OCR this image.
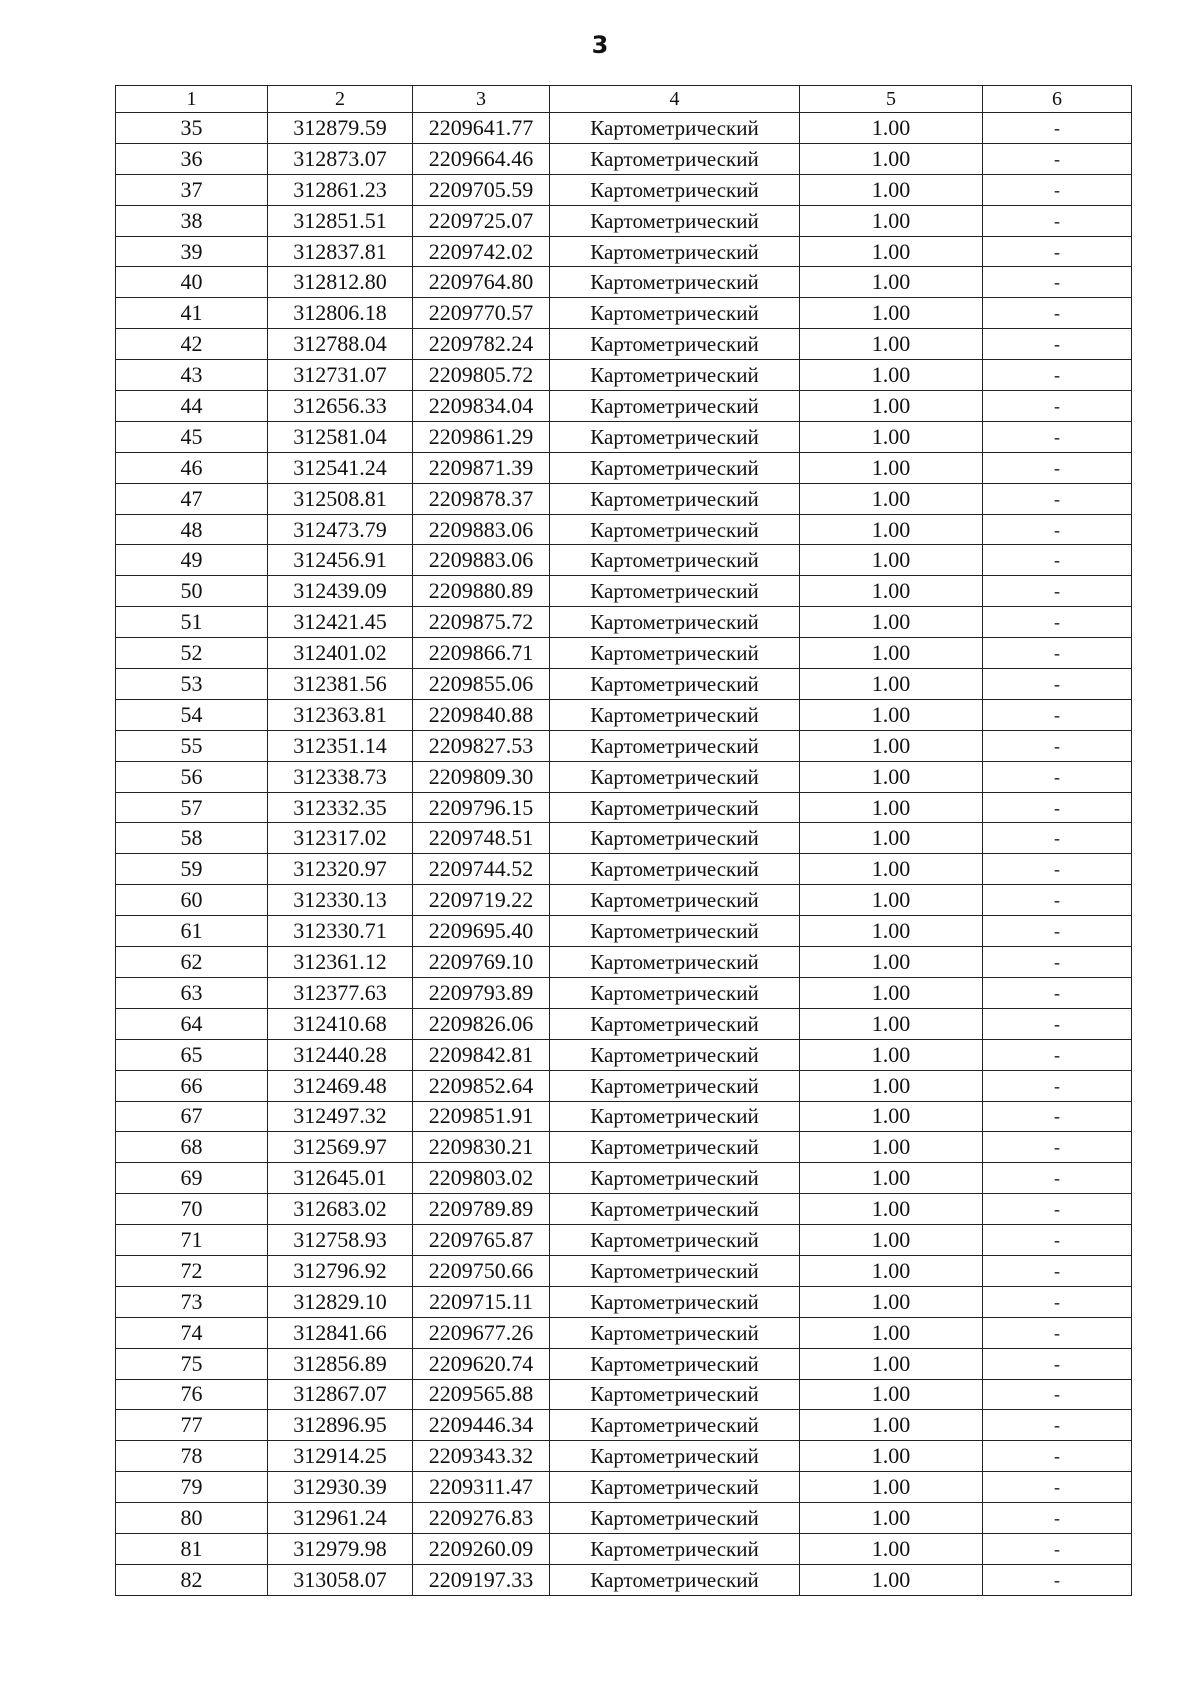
3
1	2	3	4	5	6
35	312879.59	2209641.77	Картометрический	1.00	-
36	312873.07	2209664.46	Картометрический	1.00	-
37	312861.23	2209705.59	Картометрический	1.00	-
38	312851.51	2209725.07	Картометрический	1.00	-
39	312837.81	2209742.02	Картометрический	1.00	-
40	312812.80	2209764.80	Картометрический	1.00	-
41	312806.18	2209770.57	Картометрический	1.00	-
42	312788.04	2209782.24	Картометрический	1.00	-
43	312731.07	2209805.72	Картометрический	1.00	-
44	312656.33	2209834.04	Картометрический	1.00	-
45	312581.04	2209861.29	Картометрический	1.00	-
46	312541.24	2209871.39	Картометрический	1.00	-
47	312508.81	2209878.37	Картометрический	1.00	-
48	312473.79	2209883.06	Картометрический	1.00	-
49	312456.91	2209883.06	Картометрический	1.00	-
50	312439.09	2209880.89	Картометрический	1.00	-
51	312421.45	2209875.72	Картометрический	1.00	-
52	312401.02	2209866.71	Картометрический	1.00	-
53	312381.56	2209855.06	Картометрический	1.00	-
54	312363.81	2209840.88	Картометрический	1.00	-
55	312351.14	2209827.53	Картометрический	1.00	-
56	312338.73	2209809.30	Картометрический	1.00	-
57	312332.35	2209796.15	Картометрический	1.00	-
58	312317.02	2209748.51	Картометрический	1.00	-
59	312320.97	2209744.52	Картометрический	1.00	-
60	312330.13	2209719.22	Картометрический	1.00	-
61	312330.71	2209695.40	Картометрический	1.00	-
62	312361.12	2209769.10	Картометрический	1.00	-
63	312377.63	2209793.89	Картометрический	1.00	-
64	312410.68	2209826.06	Картометрический	1.00	-
65	312440.28	2209842.81	Картометрический	1.00	-
66	312469.48	2209852.64	Картометрический	1.00	-
67	312497.32	2209851.91	Картометрический	1.00	-
68	312569.97	2209830.21	Картометрический	1.00	-
69	312645.01	2209803.02	Картометрический	1.00	-
70	312683.02	2209789.89	Картометрический	1.00	-
71	312758.93	2209765.87	Картометрический	1.00	-
72	312796.92	2209750.66	Картометрический	1.00	-
73	312829.10	2209715.11	Картометрический	1.00	-
74	312841.66	2209677.26	Картометрический	1.00	-
75	312856.89	2209620.74	Картометрический	1.00	-
76	312867.07	2209565.88	Картометрический	1.00	-
77	312896.95	2209446.34	Картометрический	1.00	-
78	312914.25	2209343.32	Картометрический	1.00	-
79	312930.39	2209311.47	Картометрический	1.00	-
80	312961.24	2209276.83	Картометрический	1.00	-
81	312979.98	2209260.09	Картометрический	1.00	-
82	313058.07	2209197.33	Картометрический	1.00	-
